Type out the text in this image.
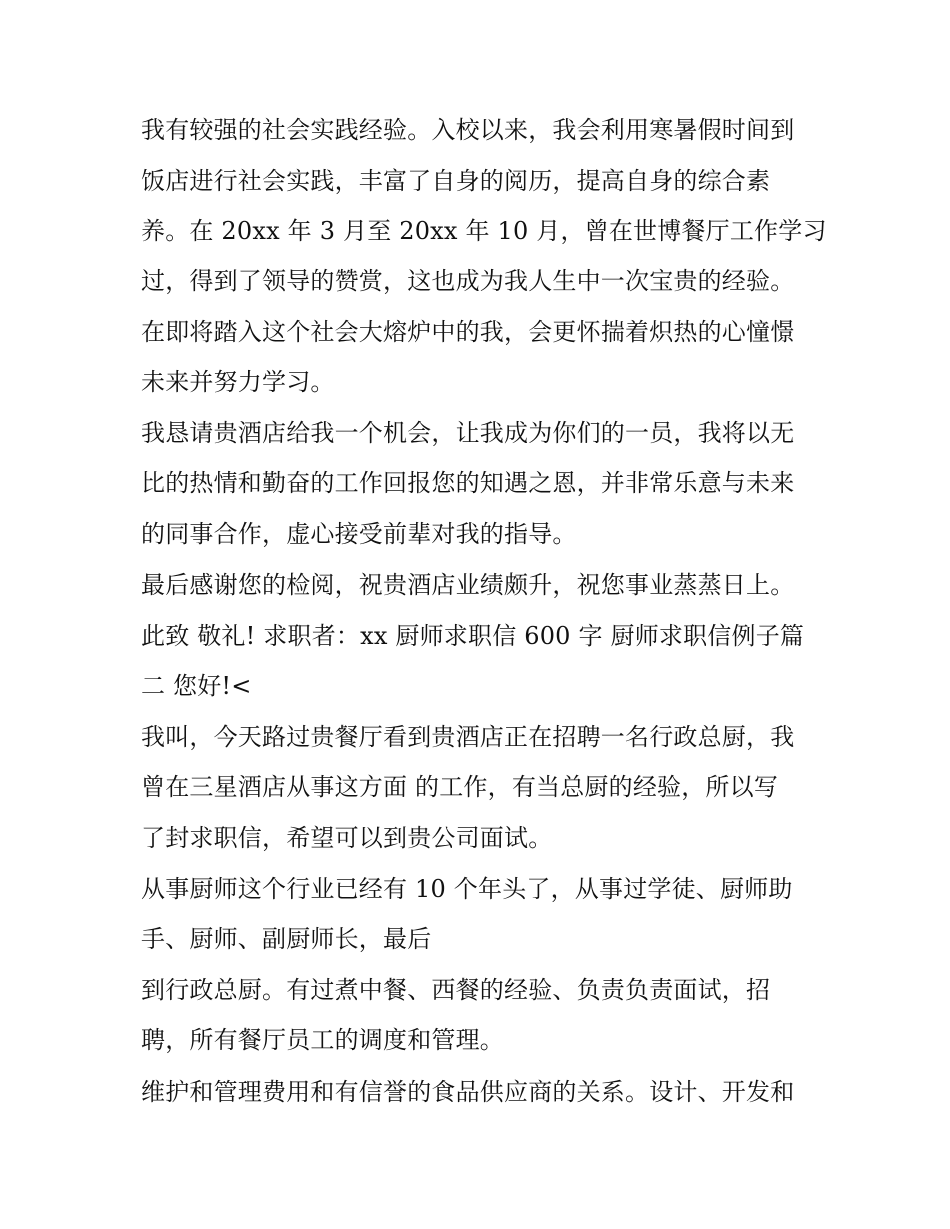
我有较强的社会实践经验。入校以来，我会利用寒暑假时间到
饭店进行社会实践，丰富了自身的阅历，提高自身的综合素
养。在 20xx 年 3 月至 20xx 年 10 月，曾在世博餐厅工作学习
过，得到了领导的赞赏，这也成为我人生中一次宝贵的经验。
在即将踏入这个社会大熔炉中的我，会更怀揣着炽热的心憧憬
未来并努力学习。
我恳请贵酒店给我一个机会，让我成为你们的一员，我将以无
比的热情和勤奋的工作回报您的知遇之恩，并非常乐意与未来
的同事合作，虚心接受前辈对我的指导。
最后感谢您的检阅，祝贵酒店业绩颇升，祝您事业蒸蒸日上。
此致 敬礼! 求职者：xx 厨师求职信 600 字 厨师求职信例子篇
二 您好!<
我叫，今天路过贵餐厅看到贵酒店正在招聘一名行政总厨，我
曾在三星酒店从事这方面 的工作，有当总厨的经验，所以写
了封求职信，希望可以到贵公司面试。
从事厨师这个行业已经有 10 个年头了，从事过学徒、厨师助
手、厨师、副厨师长，最后
到行政总厨。有过煮中餐、西餐的经验、负责负责面试，招
聘，所有餐厅员工的调度和管理。
维护和管理费用和有信誉的食品供应商的关系。设计、开发和
